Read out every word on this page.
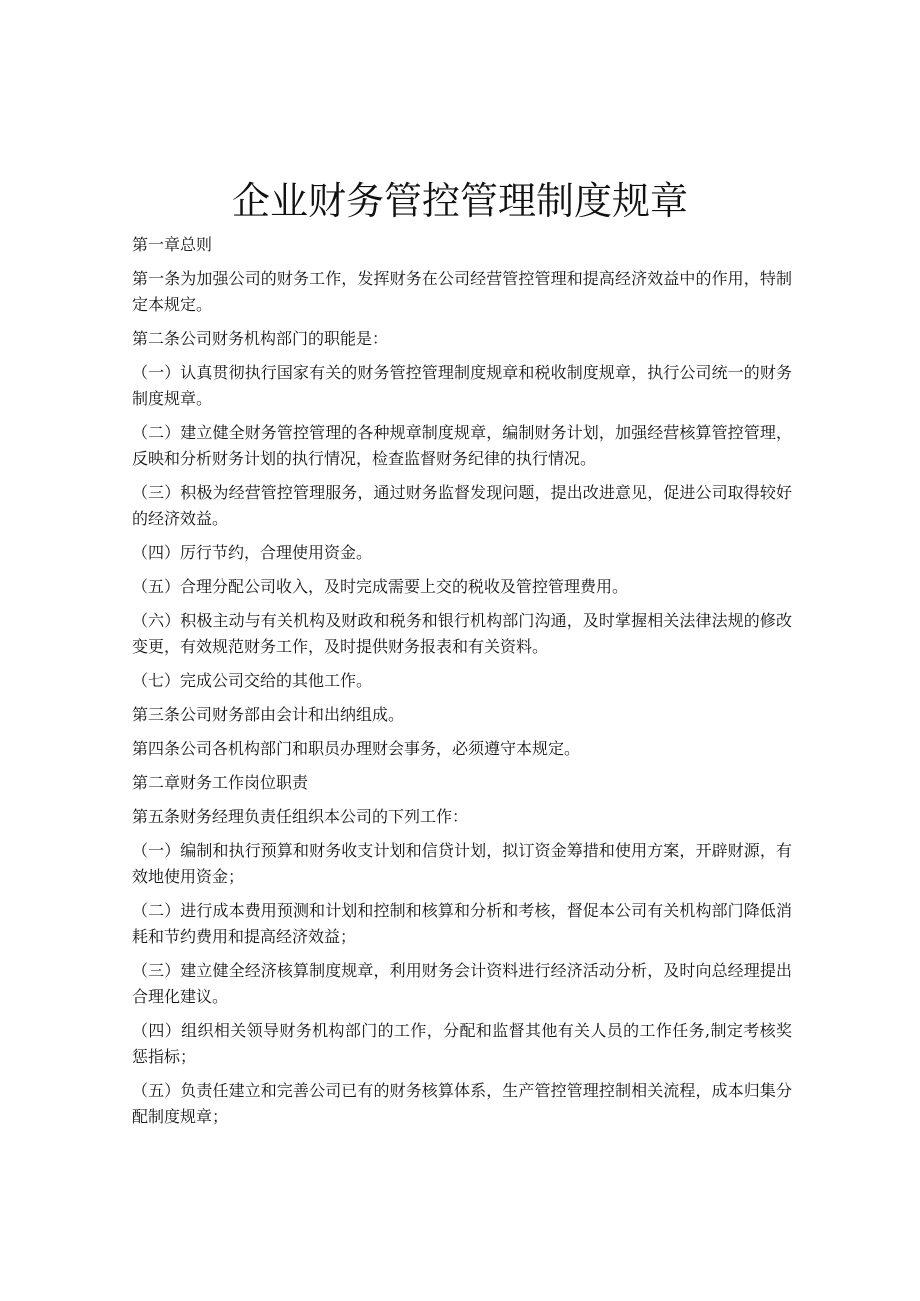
企业财务管控管理制度规章

第一章总则

第一条为加强公司的财务工作，发挥财务在公司经营管控管理和提高经济效益中的作用，特制定本规定。

第二条公司财务机构部门的职能是：

（一）认真贯彻执行国家有关的财务管控管理制度规章和税收制度规章，执行公司统一的财务制度规章。

（二）建立健全财务管控管理的各种规章制度规章，编制财务计划，加强经营核算管控管理，反映和分析财务计划的执行情况，检查监督财务纪律的执行情况。

（三）积极为经营管控管理服务，通过财务监督发现问题，提出改进意见，促进公司取得较好的经济效益。

（四）厉行节约，合理使用资金。

（五）合理分配公司收入，及时完成需要上交的税收及管控管理费用。

（六）积极主动与有关机构及财政和税务和银行机构部门沟通，及时掌握相关法律法规的修改变更，有效规范财务工作，及时提供财务报表和有关资料。

（七）完成公司交给的其他工作。

第三条公司财务部由会计和出纳组成。

第四条公司各机构部门和职员办理财会事务，必须遵守本规定。

第二章财务工作岗位职责

第五条财务经理负责任组织本公司的下列工作：

（一）编制和执行预算和财务收支计划和信贷计划，拟订资金筹措和使用方案，开辟财源，有效地使用资金；

（二）进行成本费用预测和计划和控制和核算和分析和考核，督促本公司有关机构部门降低消耗和节约费用和提高经济效益；

（三）建立健全经济核算制度规章，利用财务会计资料进行经济活动分析，及时向总经理提出合理化建议。

（四）组织相关领导财务机构部门的工作，分配和监督其他有关人员的工作任务,制定考核奖惩指标；

（五）负责任建立和完善公司已有的财务核算体系，生产管控管理控制相关流程，成本归集分配制度规章；
